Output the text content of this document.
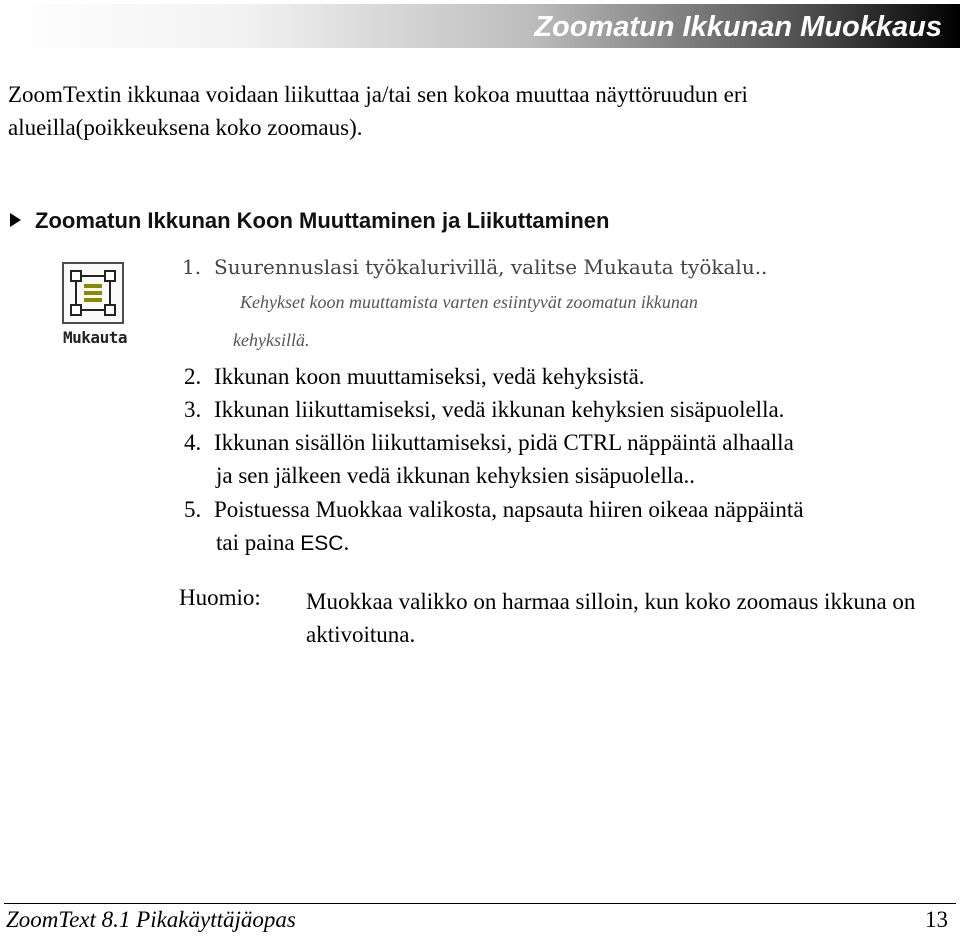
Zoomatun Ikkunan Muokkaus
ZoomTextin ikkunaa voidaan liikuttaa ja/tai sen kokoa muuttaa näyttöruudun eri alueilla(poikkeuksena koko zoomaus).
Zoomatun Ikkunan Koon Muuttaminen ja Liikuttaminen
Mukauta
1. Suurennuslasi työkalurivillä, valitse Mukauta työkalu..
Kehykset koon muuttamista varten esiintyvät zoomatun ikkunan
kehyksillä.
2. Ikkunan koon muuttamiseksi, vedä kehyksistä.
3. Ikkunan liikuttamiseksi, vedä ikkunan kehyksien sisäpuolella.
4. Ikkunan sisällön liikuttamiseksi, pidä CTRL näppäintä alhaalla
ja sen jälkeen vedä ikkunan kehyksien sisäpuolella..
5. Poistuessa Muokkaa valikosta, napsauta hiiren oikeaa näppäintä
tai paina ESC.
Huomio: Muokkaa valikko on harmaa silloin, kun koko zoomaus ikkuna on aktivoituna.
ZoomText 8.1 Pikakäyttäjäopas	13
